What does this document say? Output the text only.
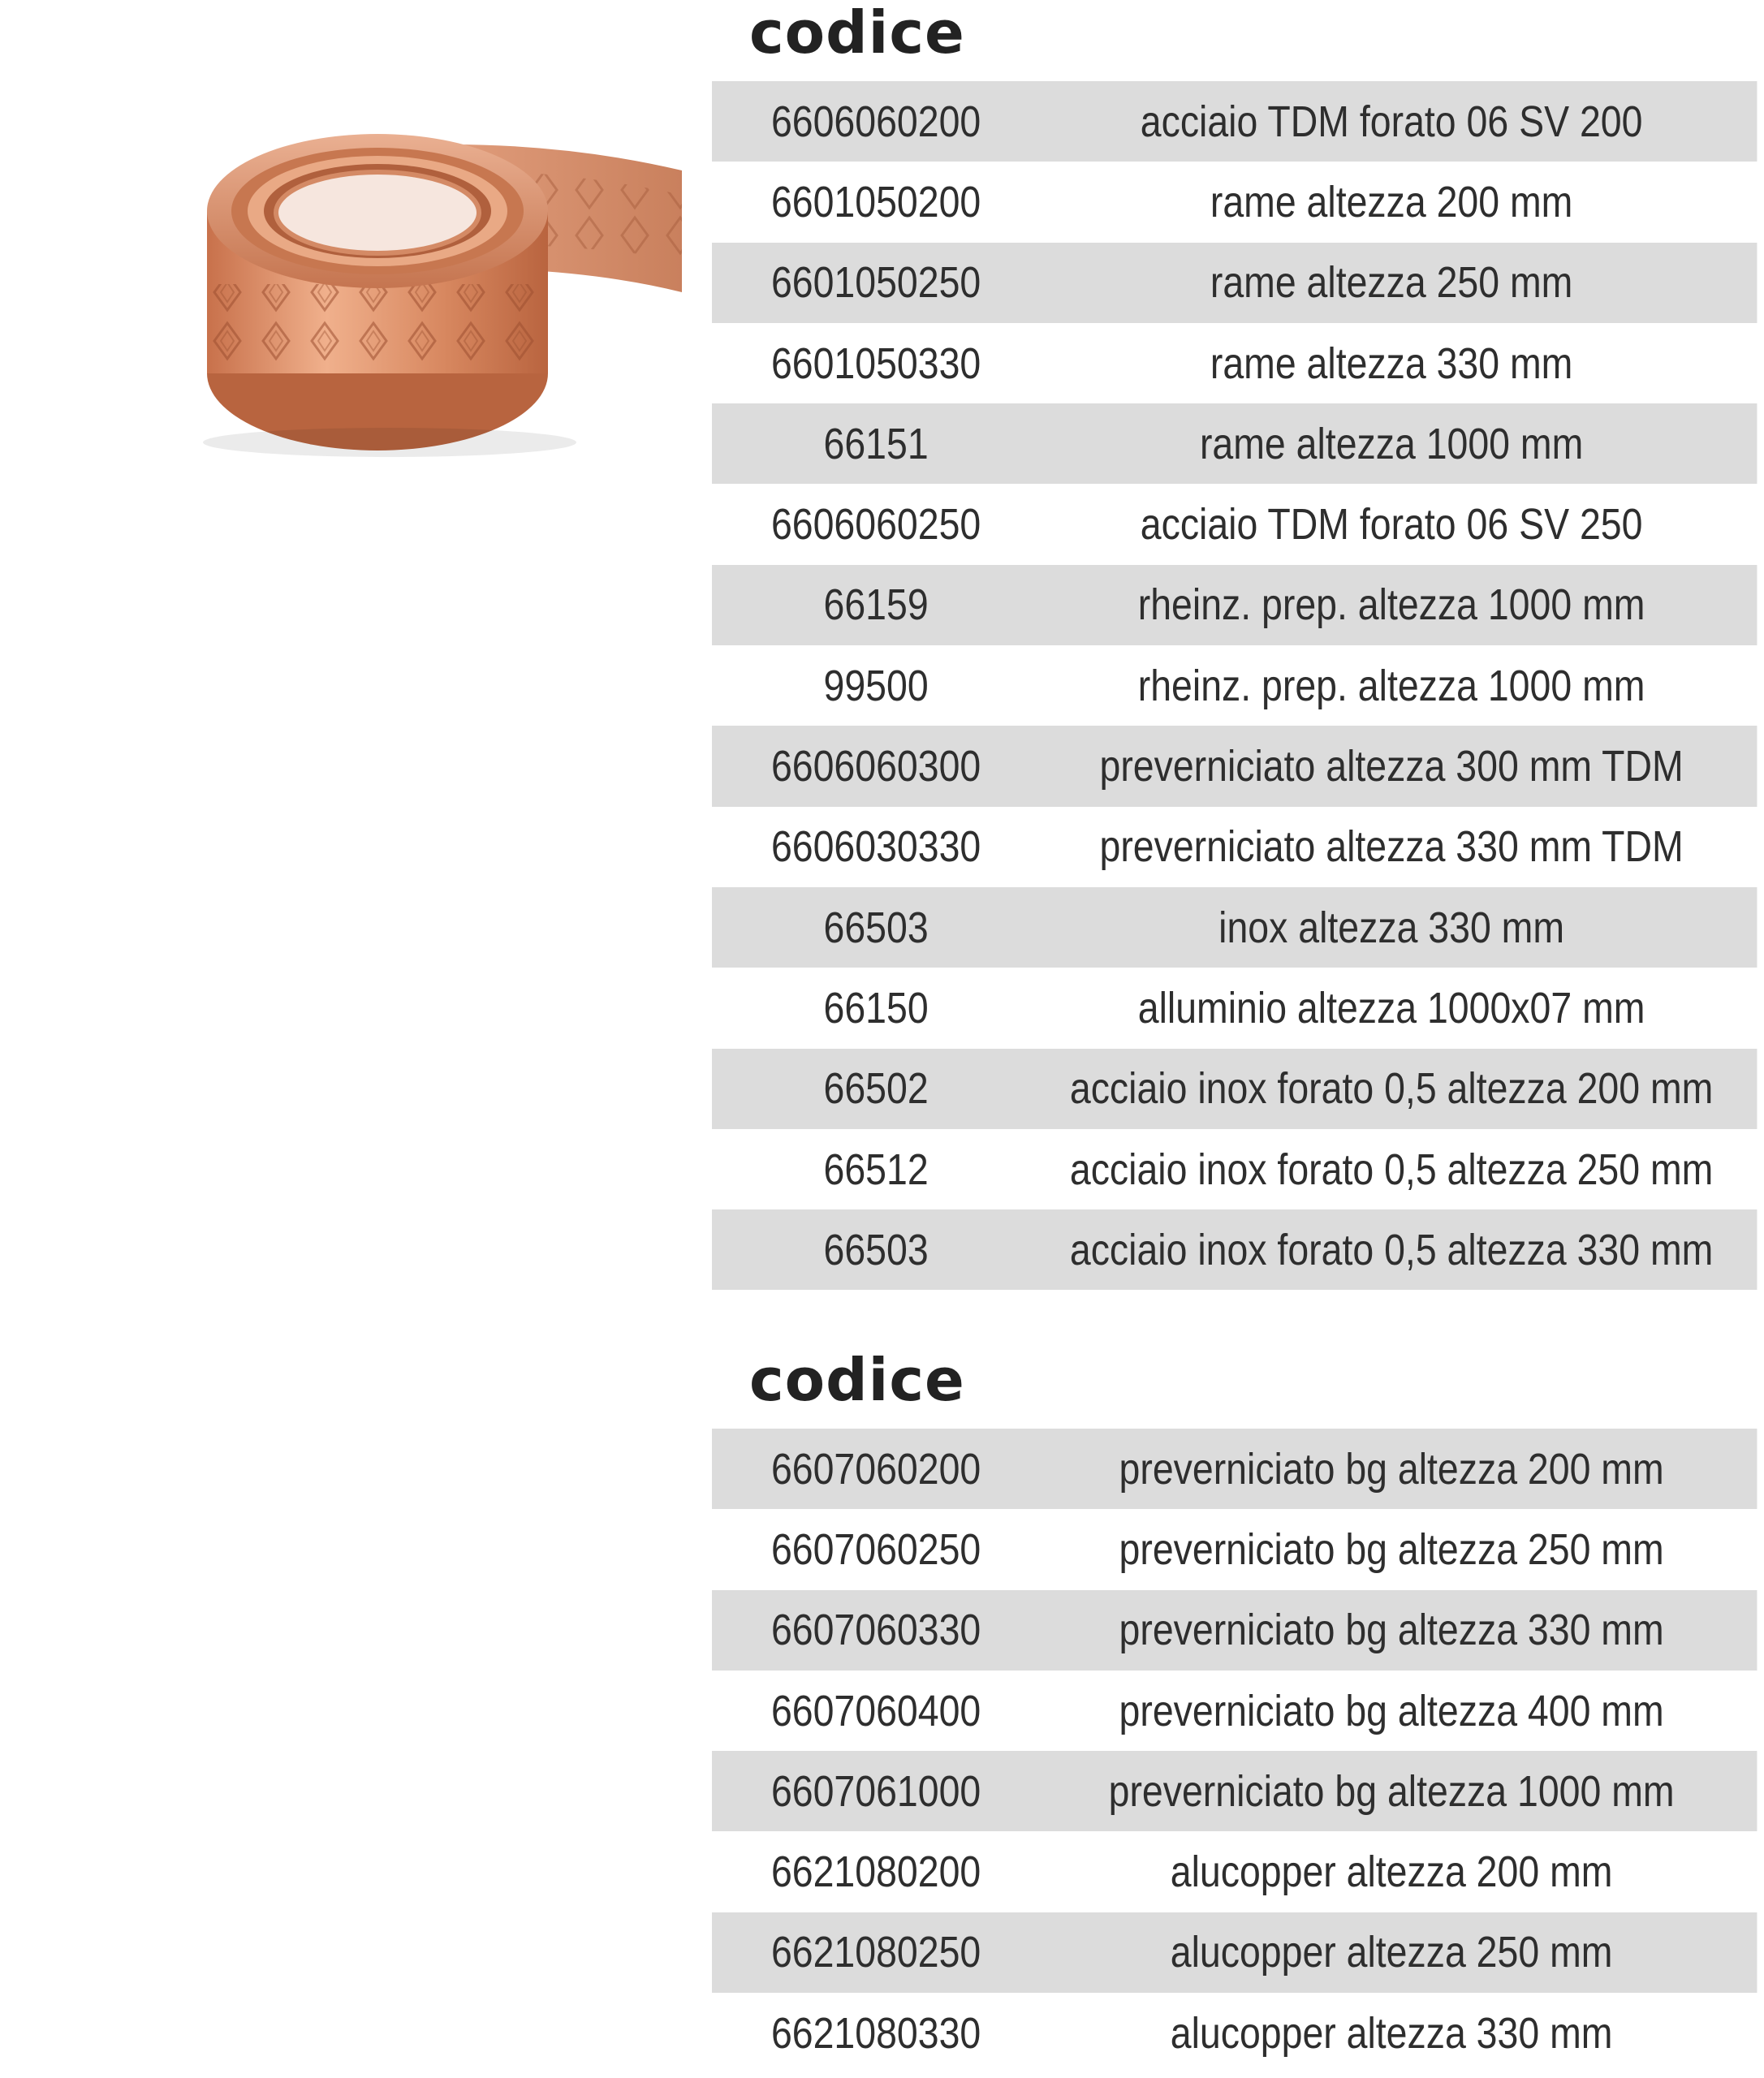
codice
6606060200	acciaio TDM forato 06 SV 200
6601050200	rame altezza 200 mm
6601050250	rame altezza 250 mm
6601050330	rame altezza 330 mm
66151	rame altezza 1000 mm
6606060250	acciaio TDM forato 06 SV 250
66159	rheinz. prep. altezza 1000 mm
99500	rheinz. prep. altezza 1000 mm
6606060300	preverniciato altezza 300 mm TDM
6606030330	preverniciato altezza 330 mm TDM
66503	inox altezza 330 mm
66150	alluminio altezza 1000x07 mm
66502	acciaio inox forato 0,5 altezza 200 mm
66512	acciaio inox forato 0,5 altezza 250 mm
66503	acciaio inox forato 0,5 altezza 330 mm
codice
6607060200	preverniciato bg altezza 200 mm
6607060250	preverniciato bg altezza 250 mm
6607060330	preverniciato bg altezza 330 mm
6607060400	preverniciato bg altezza 400 mm
6607061000	preverniciato bg altezza 1000 mm
6621080200	alucopper altezza 200 mm
6621080250	alucopper altezza 250 mm
6621080330	alucopper altezza 330 mm
